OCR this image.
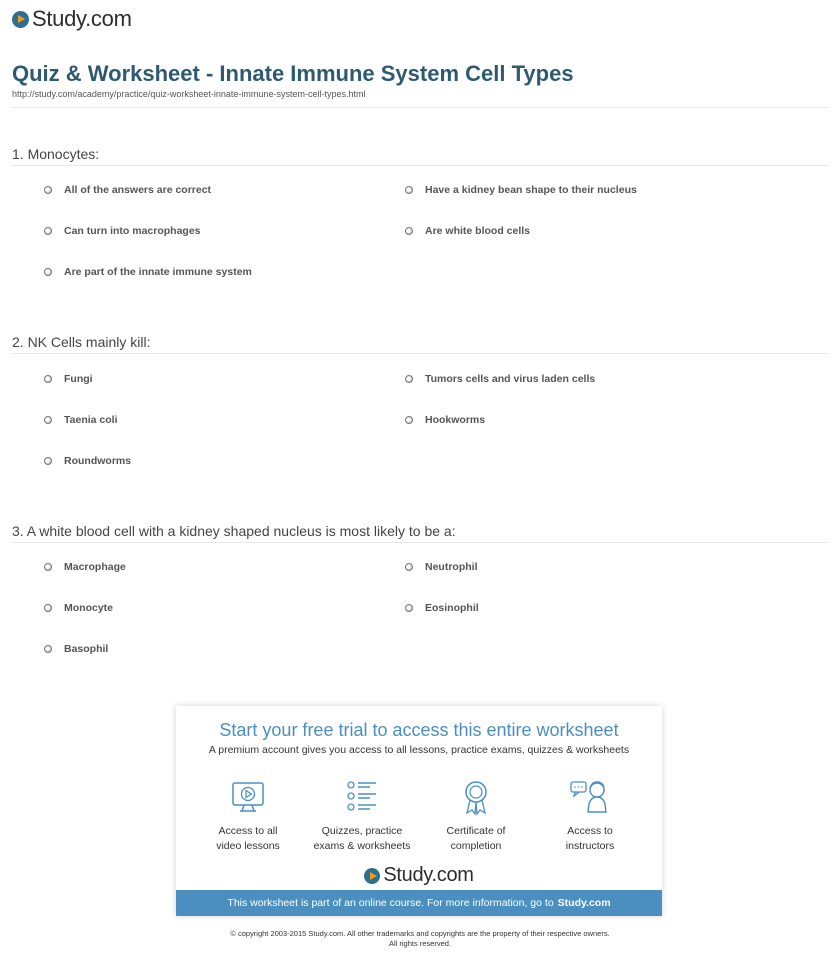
Study.com
Quiz & Worksheet - Innate Immune System Cell Types
http://study.com/academy/practice/quiz-worksheet-innate-immune-system-cell-types.html
1. Monocytes:
All of the answers are correct	Have a kidney bean shape to their nucleus
Can turn into macrophages	Are white blood cells
Are part of the innate immune system
2. NK Cells mainly kill:
Fungi	Tumors cells and virus laden cells
Taenia coli	Hookworms
Roundworms
3. A white blood cell with a kidney shaped nucleus is most likely to be a:
Macrophage	Neutrophil
Monocyte	Eosinophil
Basophil
Start your free trial to access this entire worksheet
A premium account gives you access to all lessons, practice exams, quizzes & worksheets
Access to all
video lessons
Quizzes, practice
exams & worksheets
Certificate of
completion
Access to
instructors
Study.com
This worksheet is part of an online course. For more information, go to Study.com
© copyright 2003-2015 Study.com. All other trademarks and copyrights are the property of their respective owners.
All rights reserved.
